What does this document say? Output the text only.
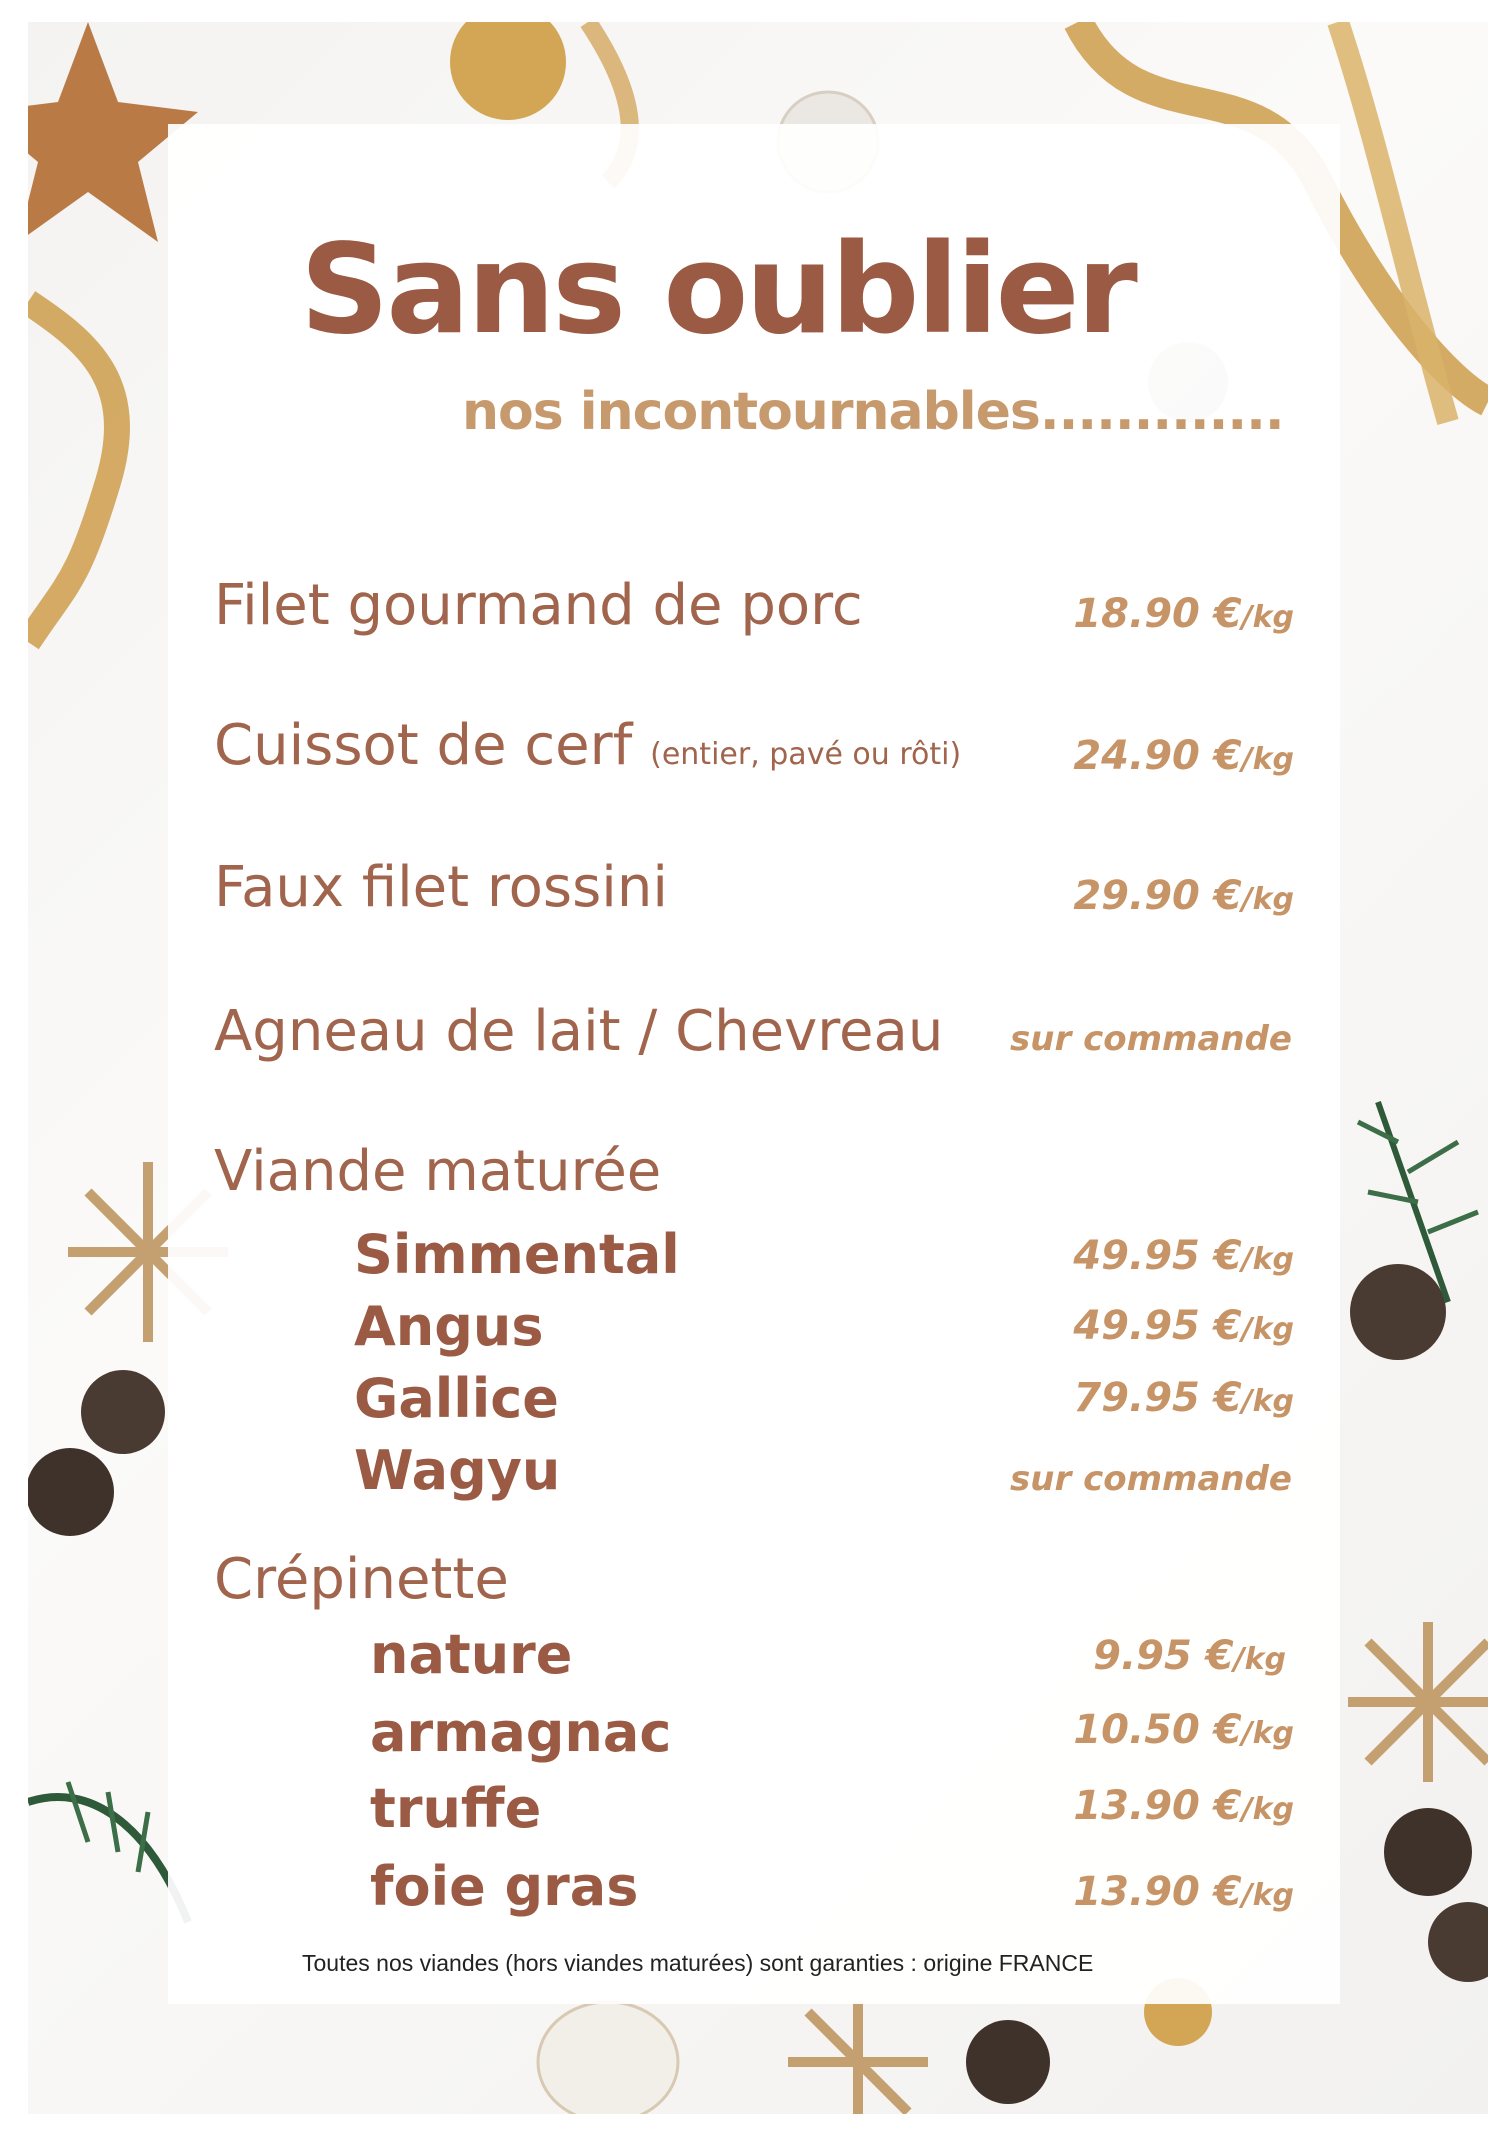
Sans oublier
nos incontournables.............
Filet gourmand de porc	18.90 €/kg
Cuissot de cerf (entier, pavé ou rôti)	24.90 €/kg
Faux filet rossini	29.90 €/kg
Agneau de lait / Chevreau sur commande
Viande maturée
Simmental	49.95 €/kg
Angus	49.95 €/kg
Gallice	79.95 €/kg
Wagyu	sur commande
Crépinette
nature	9.95 €/kg
armagnac	10.50 €/kg
truffe	13.90 €/kg
foie gras	13.90 €/kg
Toutes nos viandes (hors viandes maturées) sont garanties : origine FRANCE
